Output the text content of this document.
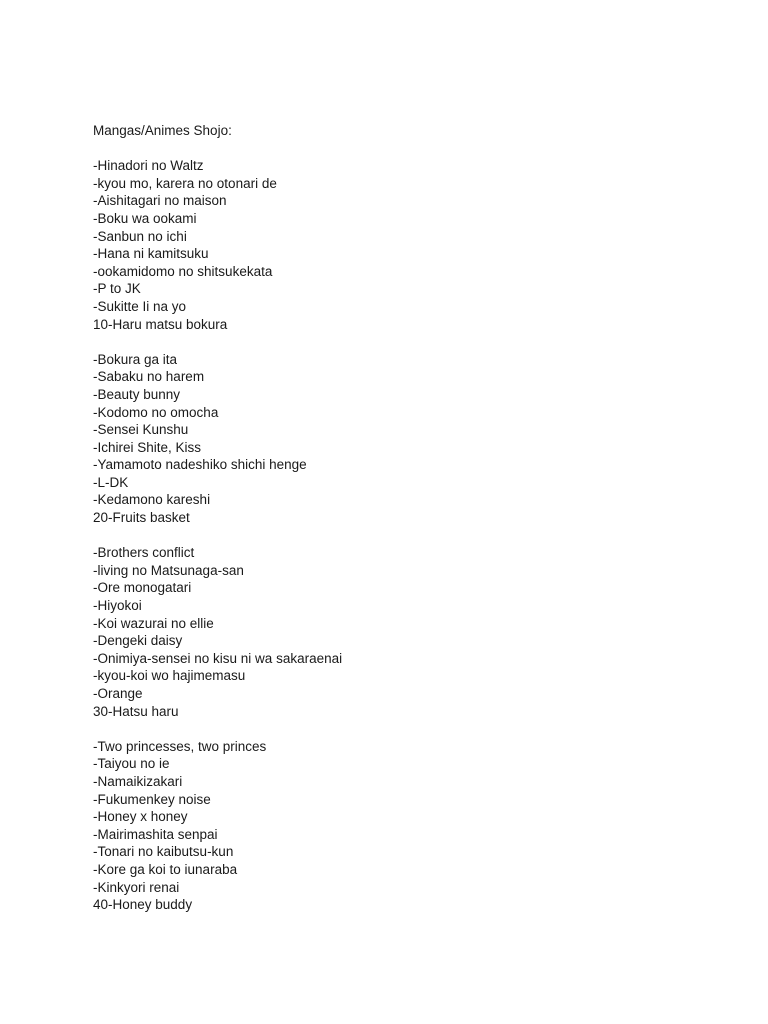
Mangas/Animes Shojo:
-Hinadori no Waltz
-kyou mo, karera no otonari de
-Aishitagari no maison
-Boku wa ookami
-Sanbun no ichi
-Hana ni kamitsuku
-ookamidomo no shitsukekata
-P to JK
-Sukitte Ii na yo
10-Haru matsu bokura
-Bokura ga ita
-Sabaku no harem
-Beauty bunny
-Kodomo no omocha
-Sensei Kunshu
-Ichirei Shite, Kiss
-Yamamoto nadeshiko shichi henge
-L-DK
-Kedamono kareshi
20-Fruits basket
-Brothers conflict
-living no Matsunaga-san
-Ore monogatari
-Hiyokoi
-Koi wazurai no ellie
-Dengeki daisy
-Onimiya-sensei no kisu ni wa sakaraenai
-kyou-koi wo hajimemasu
-Orange
30-Hatsu haru
-Two princesses, two princes
-Taiyou no ie
-Namaikizakari
-Fukumenkey noise
-Honey x honey
-Mairimashita senpai
-Tonari no kaibutsu-kun
-Kore ga koi to iunaraba
-Kinkyori renai
40-Honey buddy
